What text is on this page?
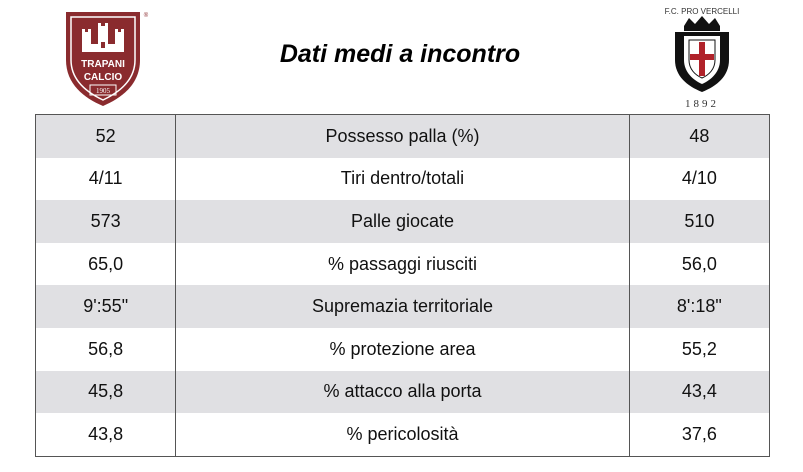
TRAPANI
CALCIO
1905
®
Dati medi a incontro
F.C. PRO VERCELLI
1892
52	Possesso palla (%)	48
4/11	Tiri dentro/totali	4/10
573	Palle giocate	510
65,0	% passaggi riusciti	56,0
9':55"	Supremazia territoriale	8':18"
56,8	% protezione area	55,2
45,8	% attacco alla porta	43,4
43,8	% pericolosità	37,6
